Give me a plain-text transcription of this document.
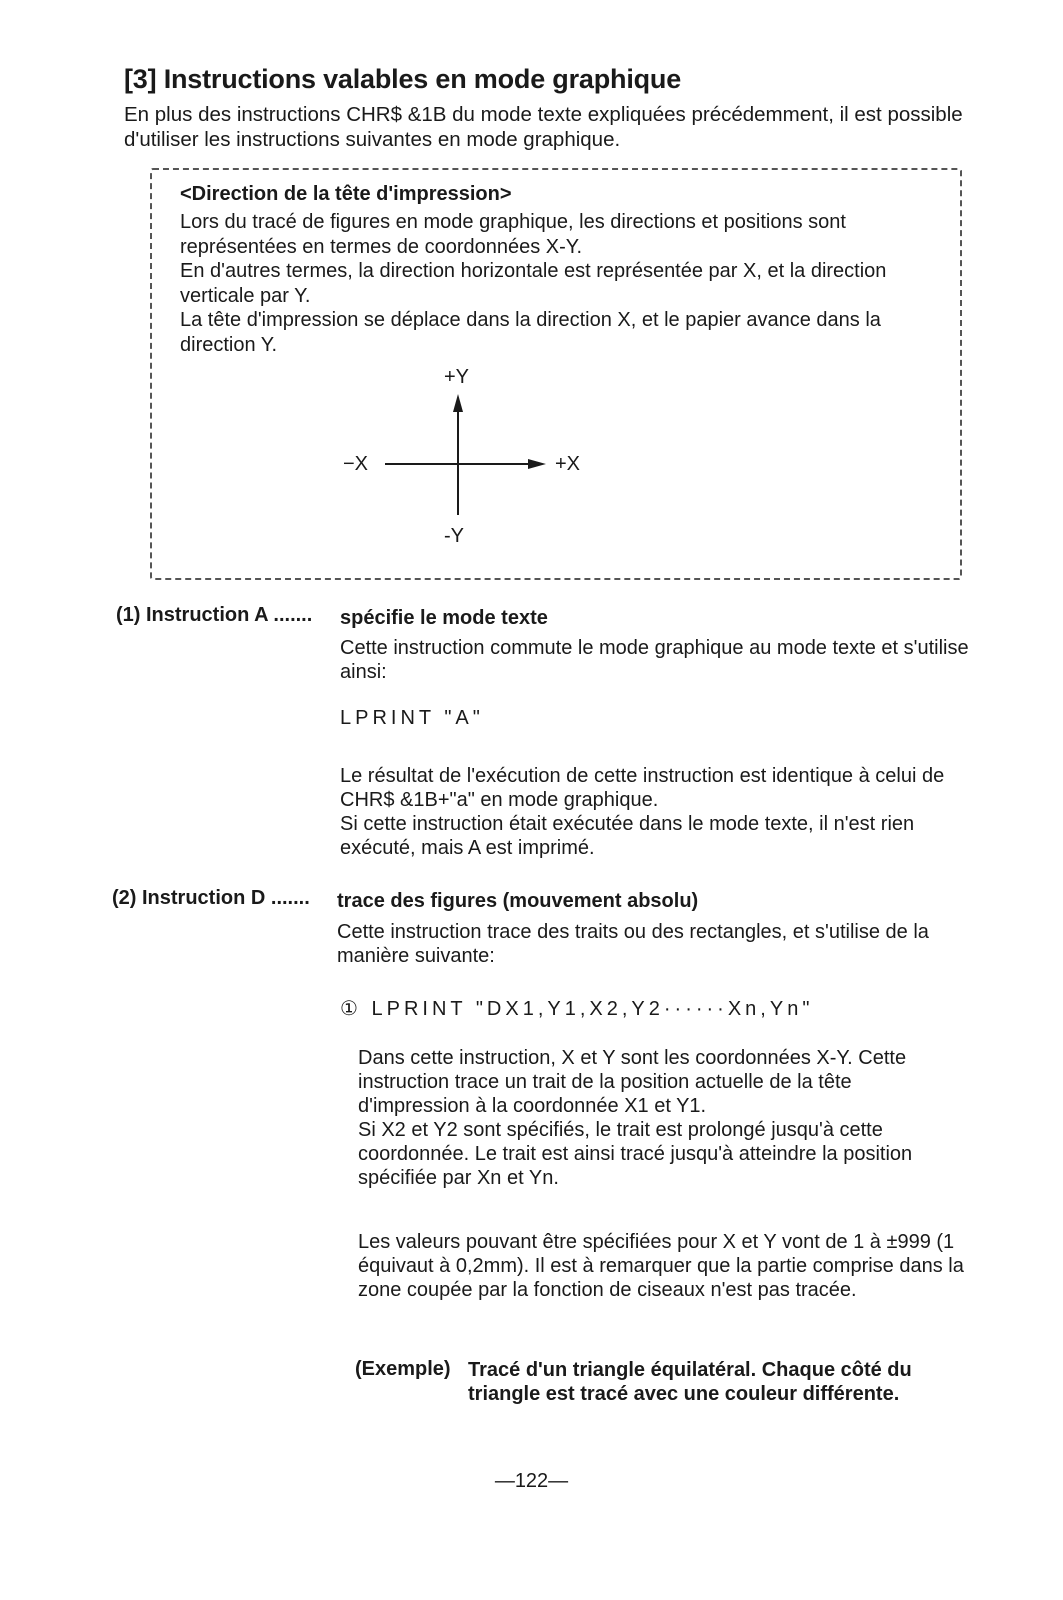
[3] Instructions valables en mode graphique
En plus des instructions CHR$ &1B du mode texte expliquées précédemment, il est possible d'utiliser les instructions suivantes en mode graphique.
<Direction de la tête d'impression>

Lors du tracé de figures en mode graphique, les directions et positions sont représentées en termes de coordonnées X-Y.

En d'autres termes, la direction horizontale est représentée par X, et la direction verticale par Y.

La tête d'impression se déplace dans la direction X, et le papier avance dans la direction Y.

+Y
-Y
+X
−X
(1) Instruction A ....... spécifie le mode texte
Cette instruction commute le mode graphique au mode texte et s'utilise ainsi:
LPRINT "A"

Le résultat de l'exécution de cette instruction est identique à celui de CHR$ &1B+"a" en mode graphique.

Si cette instruction était exécutée dans le mode texte, il n'est rien exécuté, mais A est imprimé.

(2) Instruction D ....... trace des figures (mouvement absolu)
Cette instruction trace des traits ou des rectangles, et s'utilise de la manière suivante:
① LPRINT "DX1,Y1,X2,Y2······Xn,Yn"

Dans cette instruction, X et Y sont les coordonnées X-Y. Cette instruction trace un trait de la position actuelle de la tête d'impression à la coordonnée X1 et Y1.

Si X2 et Y2 sont spécifiés, le trait est prolongé jusqu'à cette coordonnée. Le trait est ainsi tracé jusqu'à atteindre la position spécifiée par Xn et Yn.

Les valeurs pouvant être spécifiées pour X et Y vont de 1 à ±999 (1 équivaut à 0,2mm). Il est à remarquer que la partie comprise dans la zone coupée par la fonction de ciseaux n'est pas tracée.
(Exemple) Tracé d'un triangle équilatéral. Chaque côté du triangle est tracé avec une couleur différente.
—122—
